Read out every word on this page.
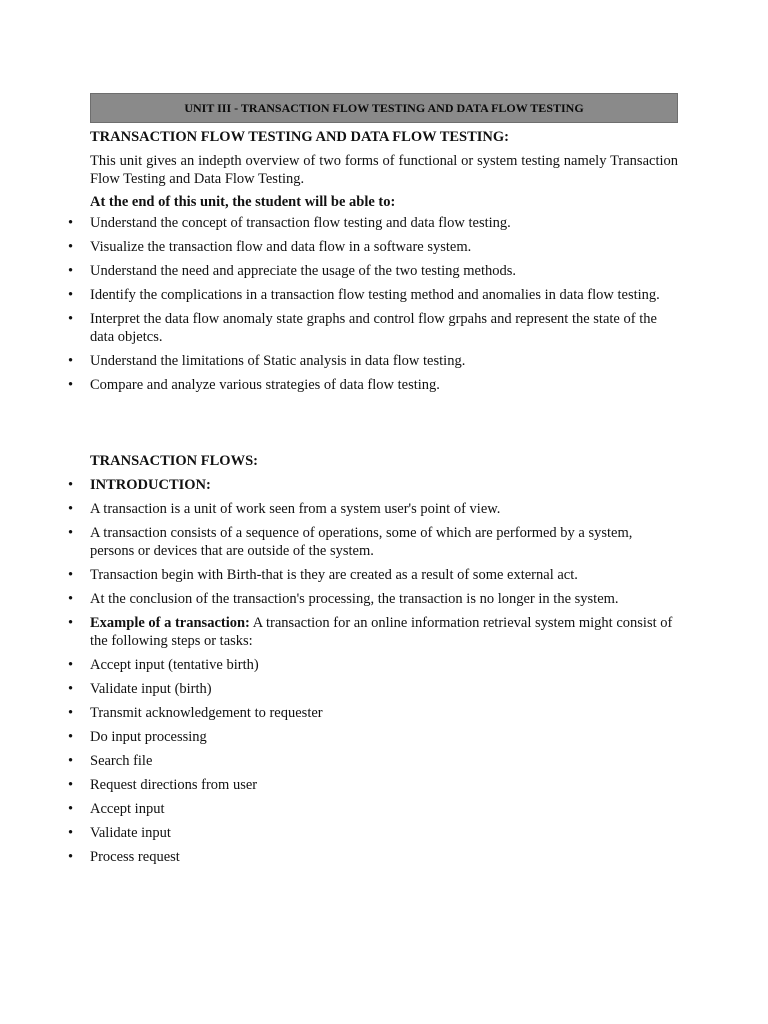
UNIT III - TRANSACTION FLOW TESTING AND DATA FLOW TESTING
TRANSACTION FLOW TESTING AND DATA FLOW TESTING:
This unit gives an indepth overview of two forms of functional or system testing namely Transaction Flow Testing and Data Flow Testing.
At the end of this unit, the student will be able to:
• Understand the concept of transaction flow testing and data flow testing.
• Visualize the transaction flow and data flow in a software system.
• Understand the need and appreciate the usage of the two testing methods.
• Identify the complications in a transaction flow testing method and anomalies in data flow testing.
• Interpret the data flow anomaly state graphs and control flow grpahs and represent the state of the data objetcs.
• Understand the limitations of Static analysis in data flow testing.
• Compare and analyze various strategies of data flow testing.
TRANSACTION FLOWS:
• INTRODUCTION:
• A transaction is a unit of work seen from a system user's point of view.
• A transaction consists of a sequence of operations, some of which are performed by a system, persons or devices that are outside of the system.
• Transaction begin with Birth-that is they are created as a result of some external act.
• At the conclusion of the transaction's processing, the transaction is no longer in the system.
• Example of a transaction: A transaction for an online information retrieval system might consist of the following steps or tasks:
• Accept input (tentative birth)
• Validate input (birth)
• Transmit acknowledgement to requester
• Do input processing
• Search file
• Request directions from user
• Accept input
• Validate input
• Process request
